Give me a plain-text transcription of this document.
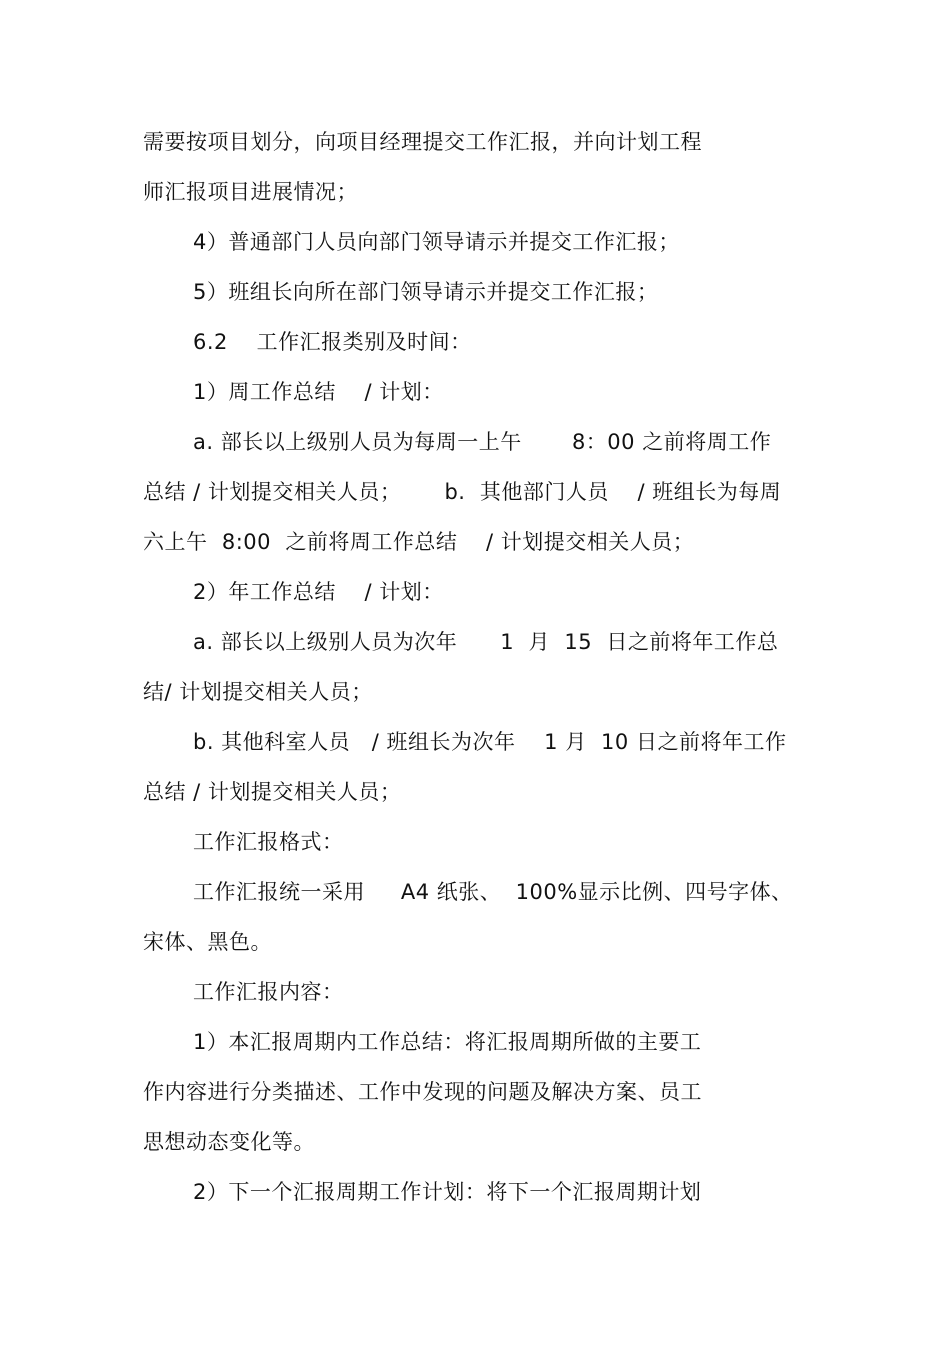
需要按项目划分，向项目经理提交工作汇报，并向计划工程
师汇报项目进展情况；
4）普通部门人员向部门领导请示并提交工作汇报；
5）班组长向所在部门领导请示并提交工作汇报；
6.2    工作汇报类别及时间：
1）周工作总结    / 计划：
a. 部长以上级别人员为每周一上午       8：00 之前将周工作
总结 / 计划提交相关人员；      b.  其他部门人员    / 班组长为每周
六上午  8:00  之前将周工作总结    / 计划提交相关人员；
2）年工作总结    / 计划：
a. 部长以上级别人员为次年      1  月  15  日之前将年工作总
结/ 计划提交相关人员；
b. 其他科室人员   / 班组长为次年    1 月  10 日之前将年工作
总结 / 计划提交相关人员；
工作汇报格式：
工作汇报统一采用     A4 纸张、  100%显示比例、四号字体、
宋体、黑色。
工作汇报内容：
1）本汇报周期内工作总结：将汇报周期所做的主要工
作内容进行分类描述、工作中发现的问题及解决方案、员工
思想动态变化等。
2）下一个汇报周期工作计划：将下一个汇报周期计划
